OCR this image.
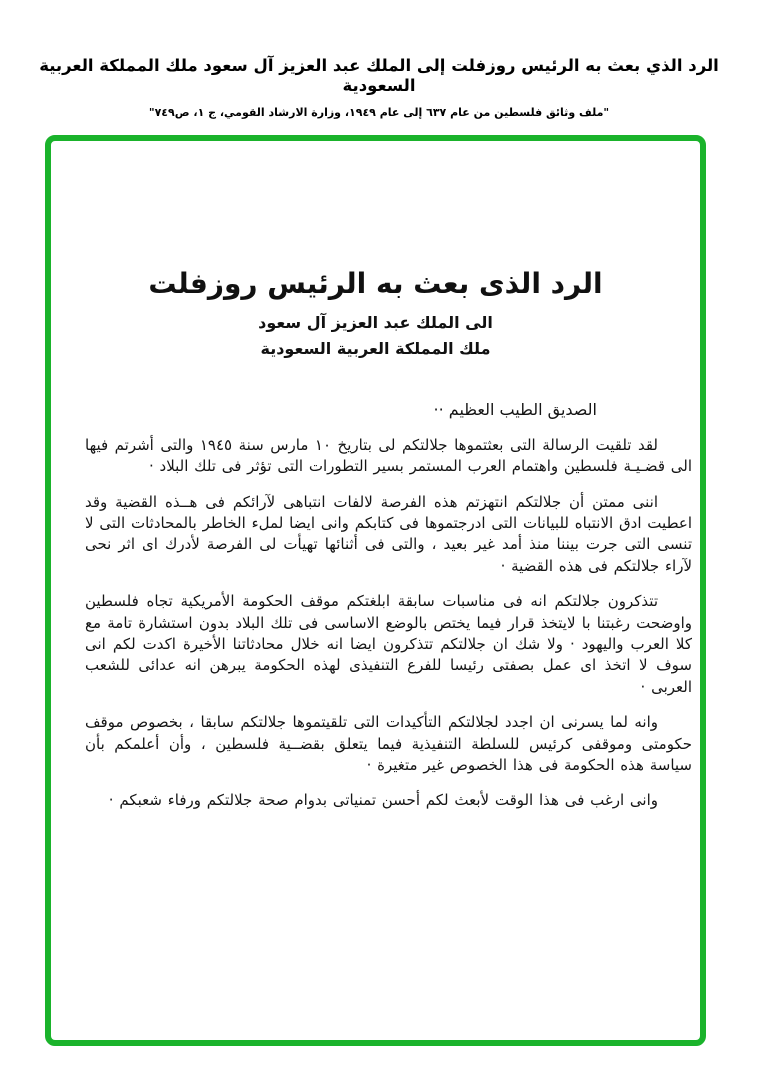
الرد الذي بعث به الرئيس روزفلت إلى الملك عبد العزيز آل سعود ملك المملكة العربية السعودية
"ملف وثائق فلسطين من عام ٦٣٧ إلى عام ١٩٤٩، وزارة الارشاد القومي، ج ١، ص٧٤٩"
الرد الذى بعث به الرئيس روزفلت
الى الملك عبد العزيز آل سعود
ملك المملكة العربية السعودية
الصديق الطيب العظيم ··

لقد تلقيت الرسالة التى بعثتموها جلالتكم لى بتاريخ ١٠ مارس سنة ١٩٤٥ والتى أشرتم فيها الى قضـيـة فلسطين واهتمام العرب المستمر بسير التطورات التى تؤثر فى تلك البلاد ·

اننى ممتن أن جلالتكم انتهزتم هذه الفرصة لالفات انتباهى لآرائكم فى هــذه القضية وقد اعطيت ادق الانتباه للبيانات التى ادرجتموها فى كتابكم وانى ايضا لملء الخاطر بالمحادثات التى لا تنسى التى جرت بيننا منذ أمد غير بعيد ، والتى فى أثنائها تهيأت لى الفرصة لأدرك اى اثر نحى لآراء جلالتكم فى هذه القضية ·

تتذكرون جلالتكم انه فى مناسبات سابقة ابلغتكم موقف الحكومة الأمريكية تجاه فلسطين واوضحت رغبتنا با لايتخذ قرار فيما يختص بالوضع الاساسى فى تلك البلاد بدون استشارة تامة مع كلا العرب واليهود · ولا شك ان جلالتكم تتذكرون ايضا انه خلال محادثاتنا الأخيرة اكدت لكم انى سوف لا اتخذ اى عمل بصفتى رئيسا للفرع التنفيذى لهذه الحكومة يبرهن انه عدائى للشعب العربى ·

وانه لما يسرنى ان اجدد لجلالتكم التأكيدات التى تلقيتموها جلالتكم سابقا ، بخصوص موقف حكومتى وموقفى كرئيس للسلطة التنفيذية فيما يتعلق بقضــية فلسطين ، وأن أعلمكم بأن سياسة هذه الحكومة فى هذا الخصوص غير متغيرة ·

وانى ارغب فى هذا الوقت لأبعث لكم أحسن تمنياتى بدوام صحة جلالتكم ورفاء شعبكم ·
